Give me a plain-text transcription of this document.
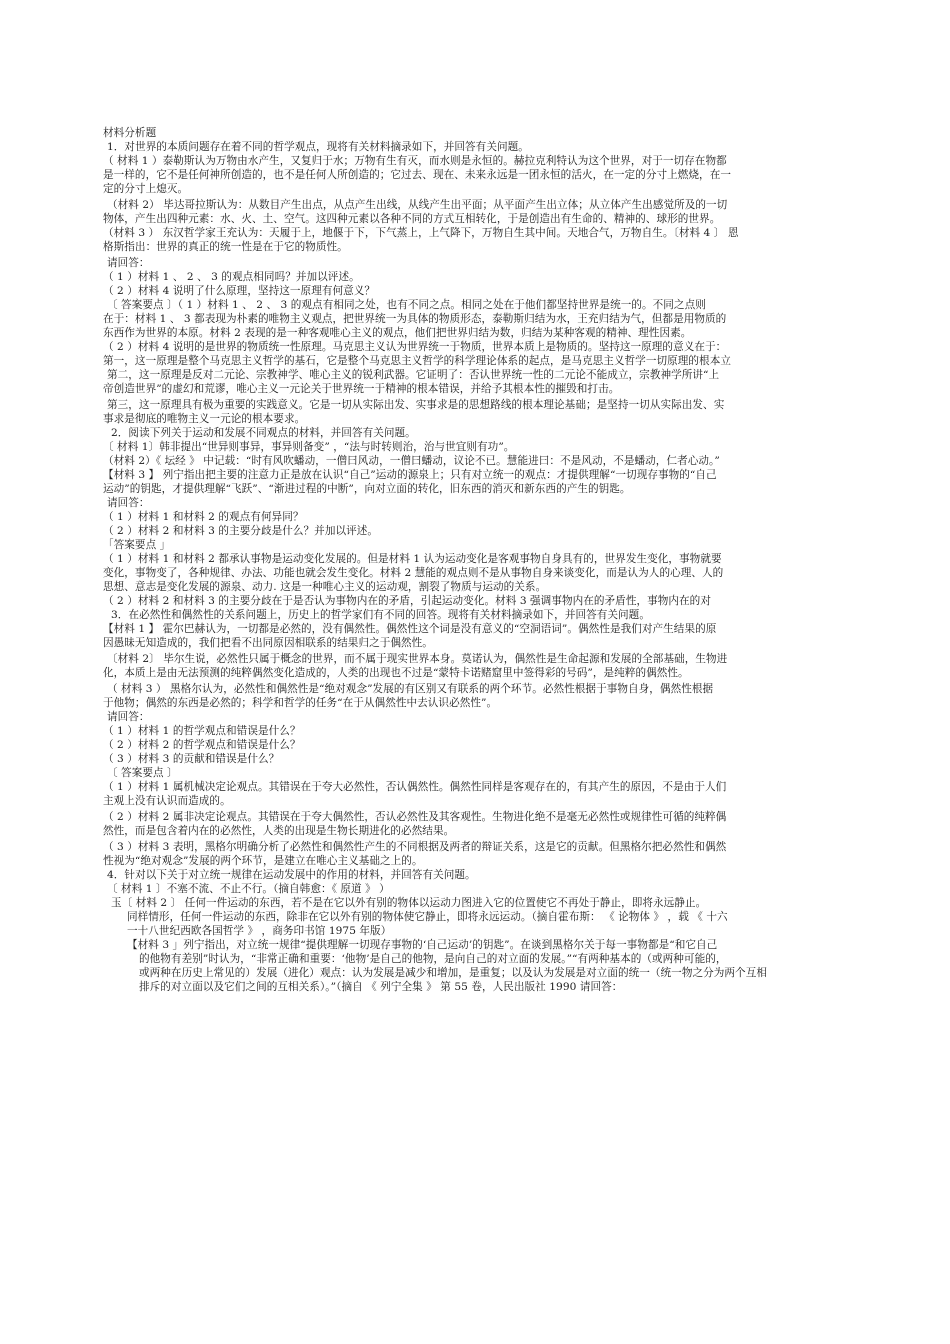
材料分析题
1．对世界的本质问题存在着不同的哲学观点，现将有关材料摘录如下，并回答有关问题。
（ 材料 1 ）泰勒斯认为万物由水产生，又复归于水；万物有生有灭，而水则是永恒的。赫拉克利特认为这个世界，对于一切存在物都
是一样的，它不是任何神所创造的，也不是任何人所创造的；它过去、现在、未来永远是一团永恒的活火，在一定的分寸上燃烧，在一
定的分寸上熄灭。
（材料 2） 毕达哥拉斯认为：从数目产生出点，从点产生出线，从线产生出平面；从平面产生出立体；从立体产生出感觉所及的一切
物体，产生出四种元素：水、火、土、空气。这四种元素以各种不同的方式互相转化，于是创造出有生命的、精神的、球形的世界。
（材料 3 ） 东汉哲学家王充认为：天履于上，地偃于下，下气蒸上，上气降下，万物自生其中间。天地合气，万物自生。〔材料 4 〕 恩
格斯指出：世界的真正的统一性是在于它的物质性。
请回答：
（ 1 ）材料 1 、 2 、 3 的观点相同吗？并加以评述。
（ 2 ）材料 4 说明了什么原理，坚持这一原理有何意义？
〔 答案要点 〕（ 1 ）材料 1 、 2 、 3 的观点有相同之处，也有不同之点。相同之处在于他们都坚持世界是统一的。不同之点则
在于：材料 1 、 3 都表现为朴素的唯物主义观点，把世界统一为具体的物质形态，泰勒斯归结为水，王充归结为气，但都是用物质的
东西作为世界的本原。材料 2 表现的是一种客观唯心主义的观点，他们把世界归结为数，归结为某种客观的精神、理性因素。
（ 2 ）材料 4 说明的是世界的物质统一性原理。马克思主义认为世界统一于物质，世界本质上是物质的。坚持这一原理的意义在于：
第一，这一原理是整个马克思主义哲学的基石，它是整个马克思主义哲学的科学理论体系的起点，是马克思主义哲学一切原理的根本立
第二，这一原理是反对二元论、宗教神学、唯心主义的锐利武器。它证明了：否认世界统一性的二元论不能成立，宗教神学所讲“上
帝创造世界”的虚幻和荒谬，唯心主义一元论关于世界统一于精神的根本错误，并给予其根本性的摧毁和打击。
第三，这一原理具有极为重要的实践意义。它是一切从实际出发、实事求是的思想路线的根本理论基础；是坚持一切从实际出发、实
事求是彻底的唯物主义一元论的根本要求。
2．阅读下列关于运动和发展不同观点的材料，并回答有关问题。
〔 材料 1〕韩非提出“世异则事异，事异则备变” ，“法与时转则治，治与世宜则有功”。
（材料 2）《 坛经 》 中记载：“时有风吹蟠动，一僧曰风动，一僧曰蟠动，议论不已。慧能进曰：不是风动，不是蟠动，仁者心动。”
【材料 3 】 列宁指出把主要的注意力正是放在认识“自己”运动的源泉上；只有对立统一的观点：才提供理解“一切现存事物的“自己
运动”的钥匙，才提供理解“飞跃”、“渐进过程的中断”，向对立面的转化，旧东西的消灭和新东西的产生的钥匙。
请回答：
（ 1 ）材料 1 和材料 2 的观点有何异同？
（ 2 ）材料 2 和材料 3 的主要分歧是什么？并加以评述。
「答案要点 」
（ 1 ）材料 1 和材料 2 都承认事物是运动变化发展的。但是材料 1 认为运动变化是客观事物自身具有的，世界发生变化，事物就要
变化，事物变了，各种规律、办法、功能也就会发生变化。材料 2 慧能的观点则不是从事物自身来谈变化，而是认为人的心理、人的
思想、意志是变化发展的源泉、动力. 这是一种唯心主义的运动观，割裂了物质与运动的关系。
（ 2 ）材料 2 和材料 3 的主要分歧在于是否认为事物内在的矛盾，引起运动变化。材料 3 强调事物内在的矛盾性，事物内在的对
3．在必然性和偶然性的关系问题上，历史上的哲学家们有不同的回答。现将有关材料摘录如下，并回答有关问题。
【材料 1 】 霍尔巴赫认为，一切都是必然的，没有偶然性。偶然性这个词是没有意义的“空洞语词”。偶然性是我们对产生结果的原
因愚昧无知造成的，我们把看不出同原因相联系的结果归之于偶然性。
〔材料 2〕 毕尔生说，必然性只属于概念的世界，而不属于现实世界本身。莫诺认为，偶然性是生命起源和发展的全部基础，生物进
化，本质上是由无法预测的纯粹偶然变化造成的，人类的出现也不过是“蒙特卡诺赌窟里中签得彩的号码”，是纯粹的偶然性。
（ 材料 3 ） 黑格尔认为，必然性和偶然性是“绝对观念”发展的有区别又有联系的两个环节。必然性根据于事物自身，偶然性根据
于他物；偶然的东西是必然的；科学和哲学的任务“在于从偶然性中去认识必然性”。
请回答：
（ 1 ）材料 1 的哲学观点和错误是什么？
（ 2 ）材料 2 的哲学观点和错误是什么？
（ 3 ）材料 3 的贡献和错误是什么？
〔 答案要点 〕
（ 1 ）材料 1 属机械决定论观点。其错误在于夸大必然性，否认偶然性。偶然性同样是客观存在的，有其产生的原因，不是由于人们
主观上没有认识而造成的。
（ 2 ）材料 2 属非决定论观点。其错误在于夸大偶然性，否认必然性及其客观性。生物进化绝不是毫无必然性或规律性可循的纯粹偶
然性，而是包含着内在的必然性，人类的出现是生物长期进化的必然结果。
（ 3 ）材料 3 表明，黑格尔明确分析了必然性和偶然性产生的不同根据及两者的辩证关系，这是它的贡献。但黑格尔把必然性和偶然
性视为“绝对观念”发展的两个环节，是建立在唯心主义基础之上的。
4．针对以下关于对立统一规律在运动发展中的作用的材料，并回答有关问题。
〔 材料 1 〕不塞不流、不止不行。（摘自韩愈：《 原道 》 ）
玉〔 材料 2 〕 任何一件运动的东西，若不是在它以外有别的物体以运动力图进入它的位置使它不再处于静止，即将永远静止。
同样情形，任何一件运动的东西，除非在它以外有别的物体使它静止，即将永远运动。（摘自霍布斯： 《 论物体 》 ，载 《 十六
一十八世纪西欧各国哲学 》 ，商务印书馆 1975 年版）
【材料 3 」列宁指出，对立统一规律“提供理解一切现存事物的‘自己运动’的钥匙”。在谈到黑格尔关于每一事物都是“和它自己
的他物有差别”时认为，“非常正确和重要：‘他物’是自己的他物，是向自己的对立面的发展。”“有两种基本的（或两种可能的，
或两种在历史上常见的）发展（进化）观点：认为发展是减少和增加，是重复；以及认为发展是对立面的统一（统一物之分为两个互相
排斥的对立面以及它们之间的互相关系）。”（摘自 《 列宁全集 》 第 55 卷，人民出版社 1990 请回答：
